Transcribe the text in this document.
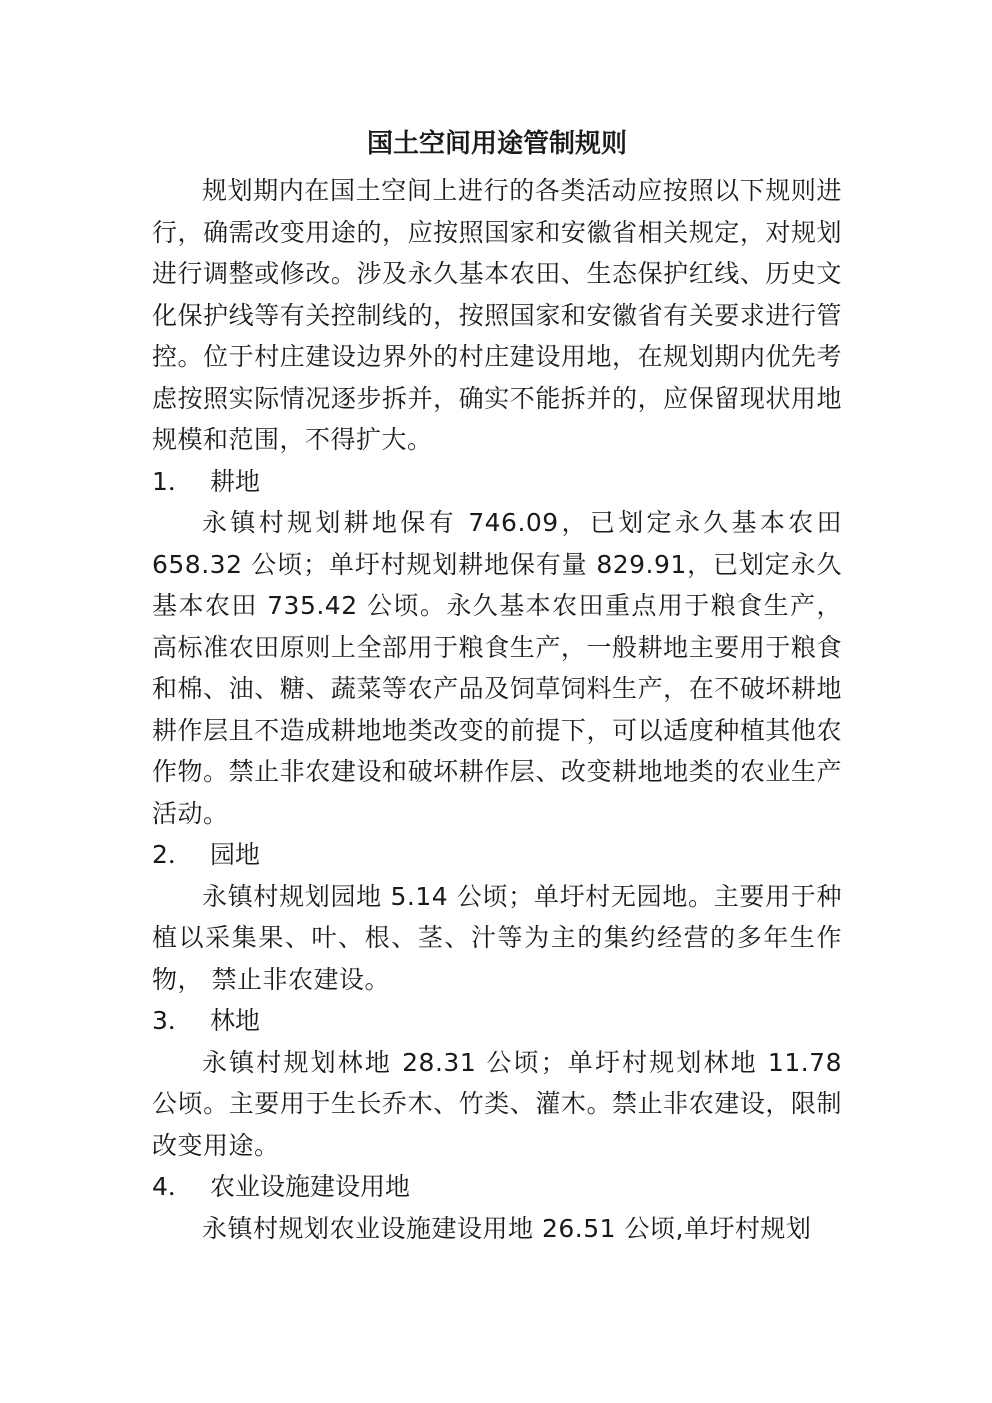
国土空间用途管制规则

规划期内在国土空间上进行的各类活动应按照以下规则进行，确需改变用途的，应按照国家和安徽省相关规定，对规划进行调整或修改。涉及永久基本农田、生态保护红线、历史文化保护线等有关控制线的，按照国家和安徽省有关要求进行管控。位于村庄建设边界外的村庄建设用地，在规划期内优先考虑按照实际情况逐步拆并，确实不能拆并的，应保留现状用地规模和范围，不得扩大。

1． 耕地

永镇村规划耕地保有 746.09，已划定永久基本农田 658.32 公顷；单圩村规划耕地保有量 829.91，已划定永久基本农田 735.42 公顷。永久基本农田重点用于粮食生产，高标准农田原则上全部用于粮食生产，一般耕地主要用于粮食和棉、油、糖、蔬菜等农产品及饲草饲料生产，在不破坏耕地耕作层且不造成耕地地类改变的前提下，可以适度种植其他农作物。禁止非农建设和破坏耕作层、改变耕地地类的农业生产活动。

2． 园地

永镇村规划园地 5.14 公顷；单圩村无园地。主要用于种植以采集果、叶、根、茎、汁等为主的集约经营的多年生作物， 禁止非农建设。

3． 林地

永镇村规划林地 28.31 公顷；单圩村规划林地 11.78 公顷。主要用于生长乔木、竹类、灌木。禁止非农建设，限制改变用途。

4． 农业设施建设用地

永镇村规划农业设施建设用地 26.51 公顷,单圩村规划
